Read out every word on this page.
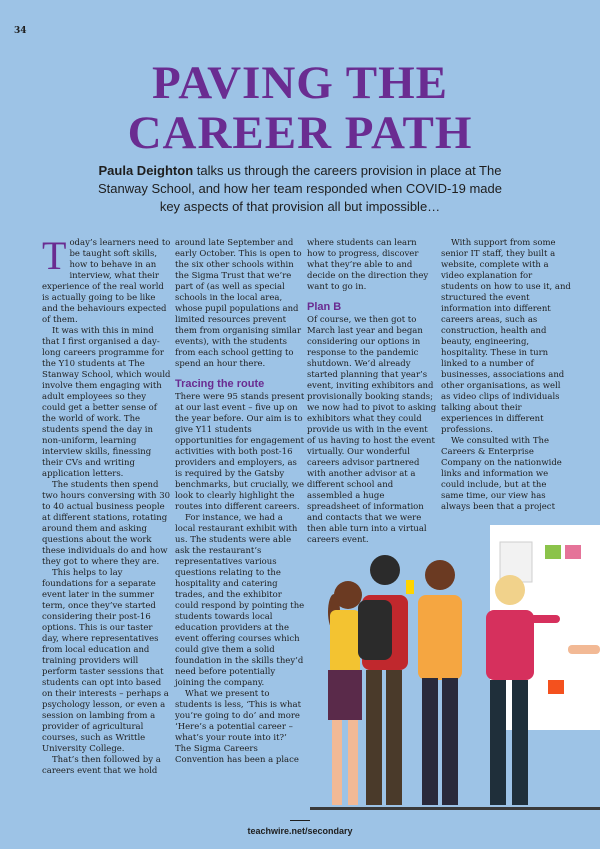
34
PAVING THE
CAREER PATH
Paula Deighton talks us through the careers provision in place at The Stanway School, and how her team responded when COVID-19 made key aspects of that provision all but impossible…

Today’s learners need to be taught soft skills, how to behave in an interview, what their experience of the real world is actually going to be like and the behaviours expected of them.

It was with this in mind that I first organised a day-long careers programme for the Y10 students at The Stanway School, which would involve them engaging with adult employees so they could get a better sense of the world of work. The students spend the day in non-uniform, learning interview skills, finessing their CVs and writing application letters.

The students then spend two hours conversing with 30 to 40 actual business people at different stations, rotating around them and asking questions about the work these individuals do and how they got to where they are.

This helps to lay foundations for a separate event later in the summer term, once they’ve started considering their post-16 options. This is our taster day, where representatives from local education and training providers will perform taster sessions that students can opt into based on their interests – perhaps a psychology lesson, or even a session on lambing from a provider of agricultural courses, such as Writtle University College.

That’s then followed by a careers event that we hold

around late September and early October. This is open to the six other schools within the Sigma Trust that we’re part of (as well as special schools in the local area, whose pupil populations and limited resources prevent them from organising similar events), with the students from each school getting to spend an hour there.

Tracing the route

There were 95 stands present at our last event – five up on the year before. Our aim is to give Y11 students opportunities for engagement activities with both post-16 providers and employers, as is required by the Gatsby benchmarks, but crucially, we look to clearly highlight the routes into different careers.

For instance, we had a local restaurant exhibit with us. The students were able ask the restaurant’s representatives various questions relating to the hospitality and catering trades, and the exhibitor could respond by pointing the students towards local education providers at the event offering courses which could give them a solid foundation in the skills they’d need before potentially joining the company.

What we present to students is less, ‘This is what you’re going to do’ and more ‘Here’s a potential career – what’s your route into it?’ The Sigma Careers Convention has been a place

where students can learn how to progress, discover what they’re able to and decide on the direction they want to go in.

Plan B

Of course, we then got to March last year and began considering our options in response to the pandemic shutdown. We’d already started planning that year’s event, inviting exhibitors and provisionally booking stands; we now had to pivot to asking exhibitors what they could provide us with in the event of us having to host the event virtually. Our wonderful careers advisor partnered with another advisor at a different school and assembled a huge spreadsheet of information and contacts that we were then able turn into a virtual careers event.

With support from some senior IT staff, they built a website, complete with a video explanation for students on how to use it, and structured the event information into different careers areas, such as construction, health and beauty, engineering, hospitality. These in turn linked to a number of businesses, associations and other organisations, as well as video clips of individuals talking about their experiences in different professions.

We consulted with The Careers & Enterprise Company on the nationwide links and information we could include, but at the same time, our view has always been that a project

teachwire.net/secondary
